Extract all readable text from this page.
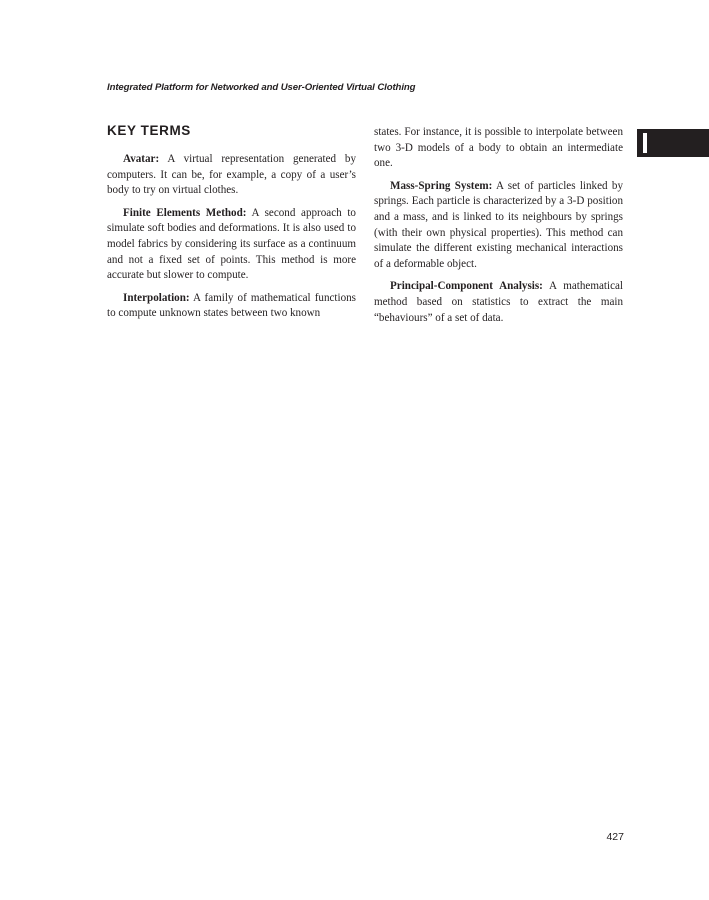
Integrated Platform for Networked and User-Oriented Virtual Clothing
KEY TERMS

Avatar: A virtual representation generated by computers. It can be, for example, a copy of a user’s body to try on virtual clothes.

Finite Elements Method: A second approach to simulate soft bodies and deformations. It is also used to model fabrics by considering its surface as a continuum and not a fixed set of points. This method is more accurate but slower to compute.

Interpolation: A family of mathematical functions to compute unknown states between two known

states. For instance, it is possible to interpolate between two 3-D models of a body to obtain an intermediate one.

Mass-Spring System: A set of particles linked by springs. Each particle is characterized by a 3-D position and a mass, and is linked to its neighbours by springs (with their own physical properties). This method can simulate the different existing mechanical interactions of a deformable object.

Principal-Component Analysis: A mathematical method based on statistics to extract the main “behaviours” of a set of data.

427
